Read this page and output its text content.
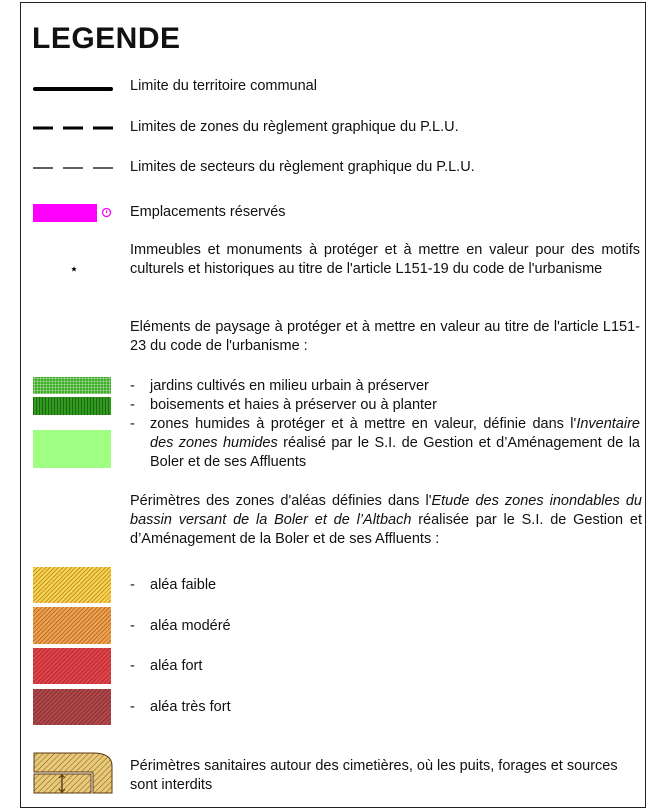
LEGENDE
Limite du territoire communal
Limites de zones du règlement graphique du P.L.U.
Limites de secteurs du règlement graphique du P.L.U.
Emplacements réservés
Immeubles et monuments à protéger et à mettre en valeur pour des motifs culturels et historiques au titre de l'article L151-19 du code de l'urbanisme
Eléments de paysage à protéger et à mettre en valeur au titre de l'article L151-23 du code de l'urbanisme :
- jardins cultivés en milieu urbain à préserver
- boisements et haies à préserver ou à planter
- zones humides à protéger et à mettre en valeur, définie dans l'Inventaire des zones humides réalisé par le S.I. de Gestion et d’Aménagement de la Boler et de ses Affluents
Périmètres des zones d'aléas définies dans l'Etude des zones inondables du bassin versant de la Boler et de l’Altbach réalisée par le S.I. de Gestion et d’Aménagement de la Boler et de ses Affluents :
- aléa faible
- aléa modéré
- aléa fort
- aléa très fort
Périmètres sanitaires autour des cimetières, où les puits, forages et sources sont interdits
